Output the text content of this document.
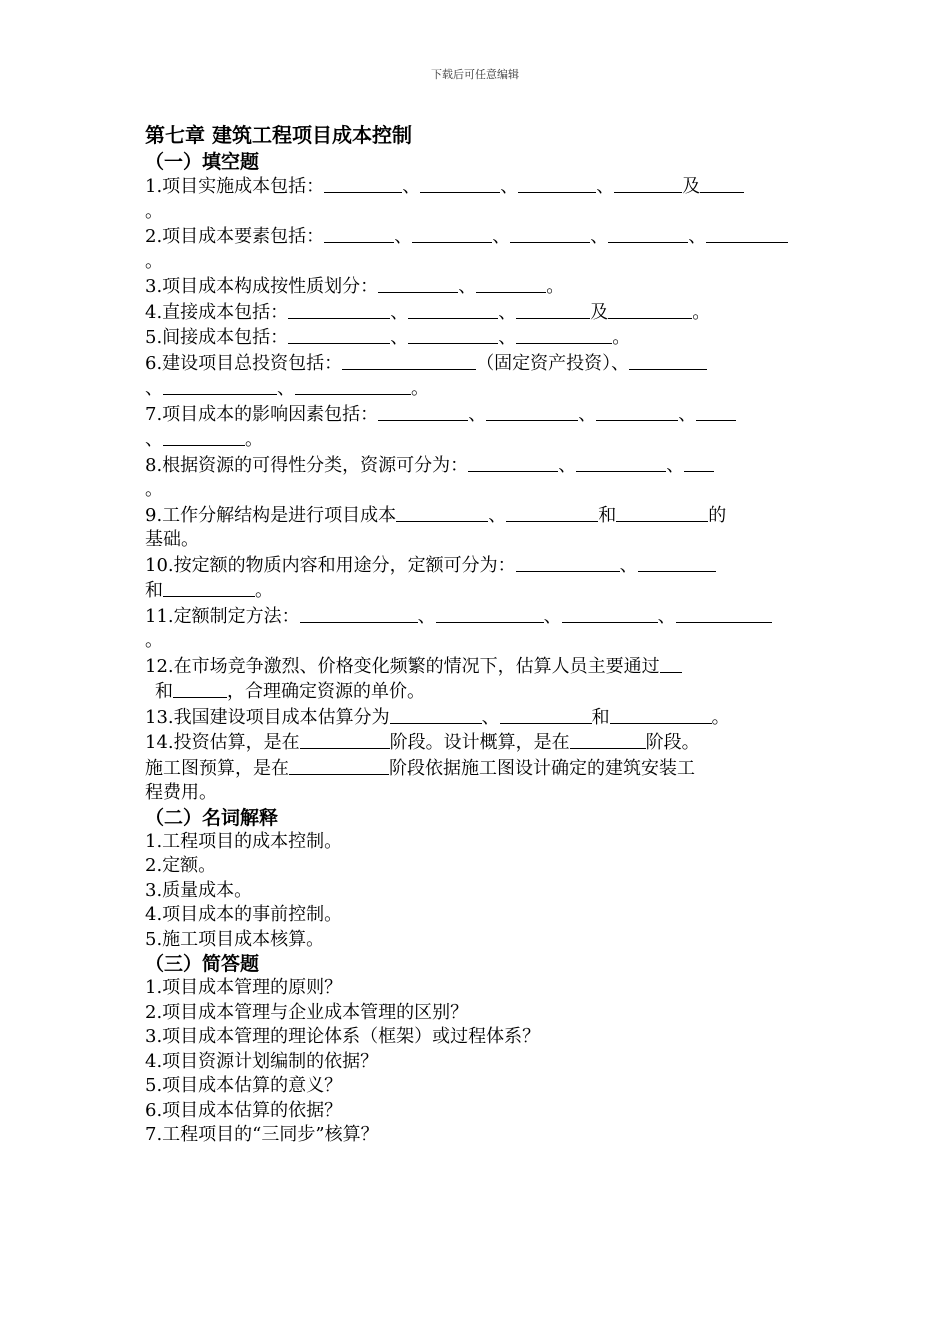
下载后可任意编辑
第七章 建筑工程项目成本控制
（一）填空题
1.项目实施成本包括：	、	、	、	及
。
2.项目成本要素包括：	、	、	、	、
。
3.项目成本构成按性质划分：	、	。
4.直接成本包括：	、	、	及	。
5.间接成本包括：	、	、	。
6.建设项目总投资包括：	（固定资产投资）、
、	、	。
7.项目成本的影响因素包括：	、	、	、
、	。
8.根据资源的可得性分类，资源可分为：	、	、
。
9.工作分解结构是进行项目成本	、	和	的
基础。
10.按定额的物质内容和用途分，定额可分为：	、
和	。
11.定额制定方法：	、	、	、
。
12.在市场竞争激烈、价格变化频繁的情况下，估算人员主要通过
和	，合理确定资源的单价。
13.我国建设项目成本估算分为	、	和	。
14.投资估算，是在	阶段。设计概算，是在	阶段。
施工图预算，是在	阶段依据施工图设计确定的建筑安装工
程费用。
（二）名词解释
1.工程项目的成本控制。
2.定额。
3.质量成本。
4.项目成本的事前控制。
5.施工项目成本核算。
（三）简答题
1.项目成本管理的原则？
2.项目成本管理与企业成本管理的区别？
3.项目成本管理的理论体系（框架）或过程体系？
4.项目资源计划编制的依据？
5.项目成本估算的意义？
6.项目成本估算的依据？
7.工程项目的“三同步”核算？
